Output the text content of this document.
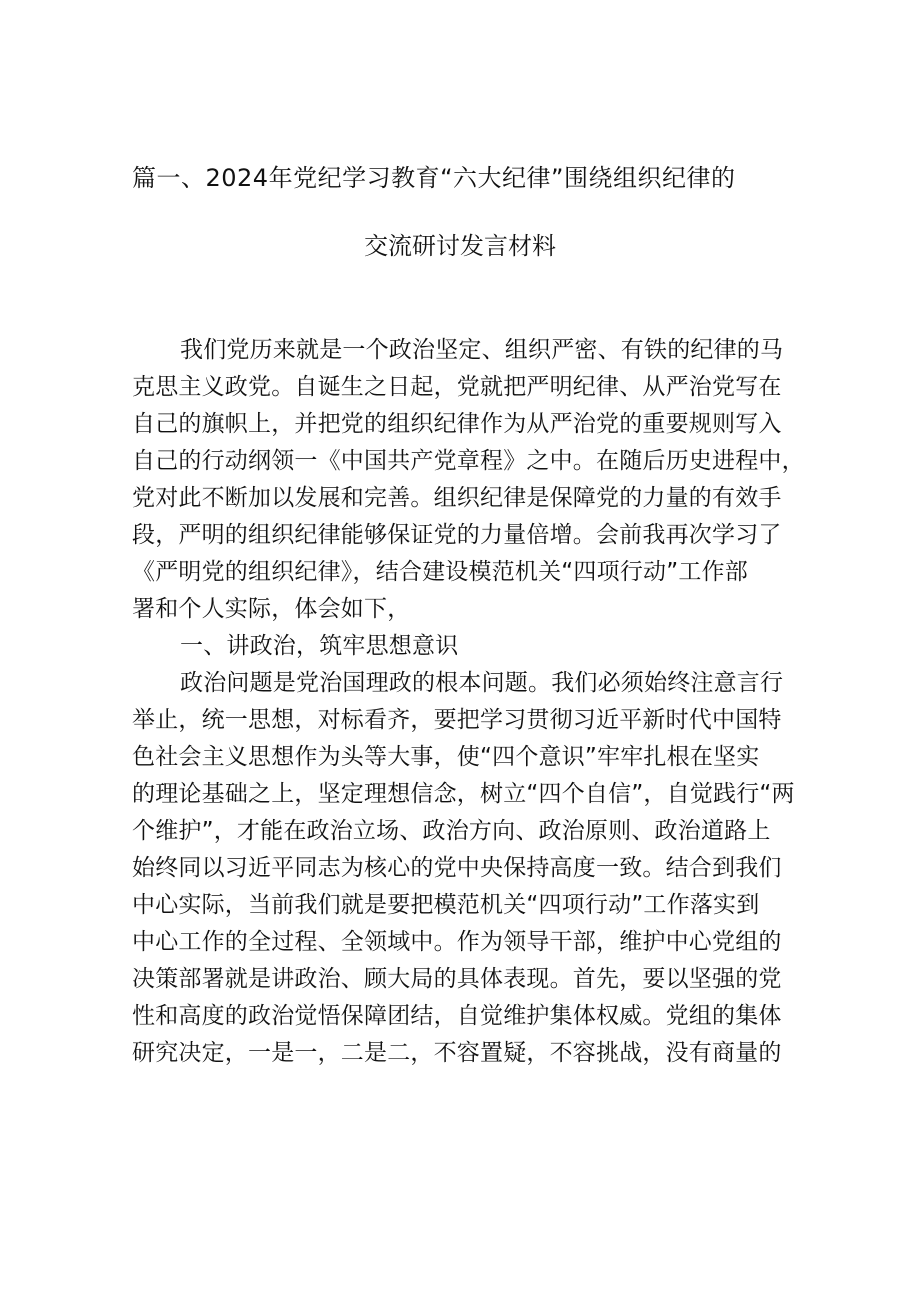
篇一、2024年党纪学习教育“六大纪律”围绕组织纪律的
交流研讨发言材料
我们党历来就是一个政治坚定、组织严密、有铁的纪律的马
克思主义政党。自诞生之日起，党就把严明纪律、从严治党写在
自己的旗帜上，并把党的组织纪律作为从严治党的重要规则写入
自己的行动纲领一《中国共产党章程》之中。在随后历史进程中，
党对此不断加以发展和完善。组织纪律是保障党的力量的有效手
段，严明的组织纪律能够保证党的力量倍增。会前我再次学习了
《严明党的组织纪律》，结合建设模范机关“四项行动”工作部
署和个人实际，体会如下，
一、讲政治，筑牢思想意识
政治问题是党治国理政的根本问题。我们必须始终注意言行
举止，统一思想，对标看齐，要把学习贯彻习近平新时代中国特
色社会主义思想作为头等大事，使“四个意识”牢牢扎根在坚实
的理论基础之上，坚定理想信念，树立“四个自信”，自觉践行“两
个维护”，才能在政治立场、政治方向、政治原则、政治道路上
始终同以习近平同志为核心的党中央保持高度一致。结合到我们
中心实际，当前我们就是要把模范机关“四项行动”工作落实到
中心工作的全过程、全领域中。作为领导干部，维护中心党组的
决策部署就是讲政治、顾大局的具体表现。首先，要以坚强的党
性和高度的政治觉悟保障团结，自觉维护集体权威。党组的集体
研究决定，一是一，二是二，不容置疑，不容挑战，没有商量的
